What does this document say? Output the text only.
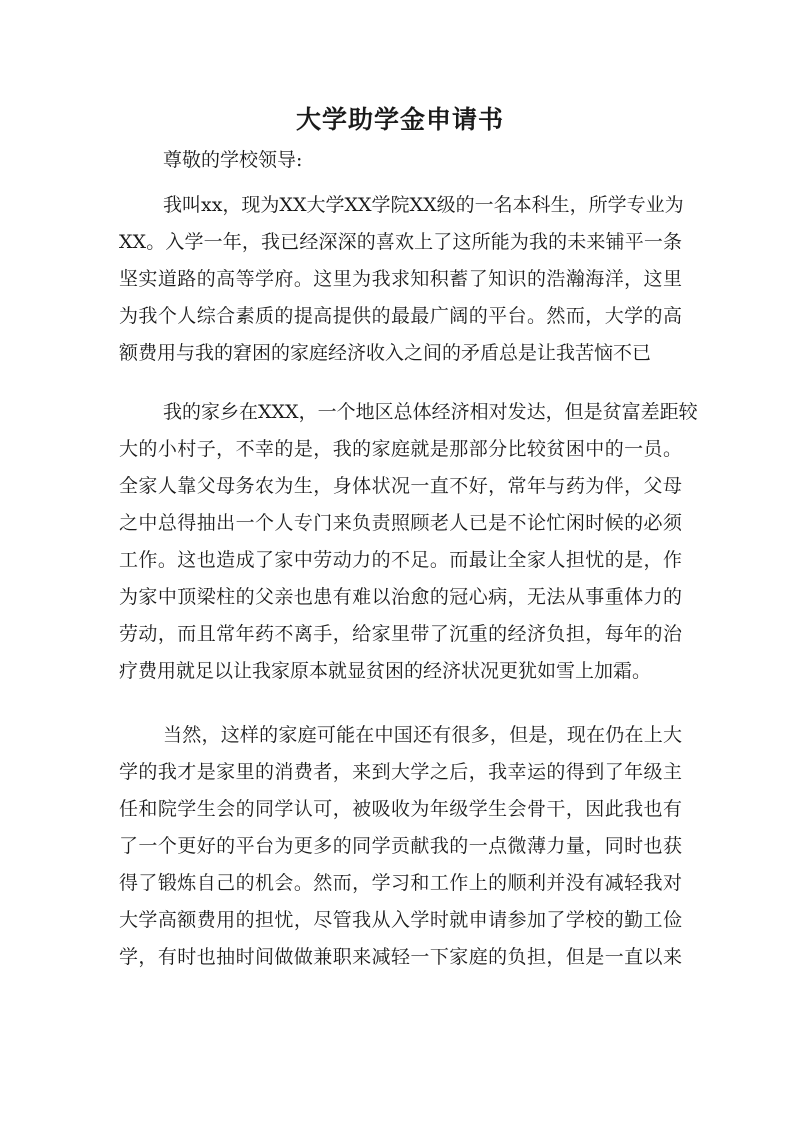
大学助学金申请书
尊敬的学校领导:
我叫xx，现为XX大学XX学院XX级的一名本科生，所学专业为
XX。入学一年，我已经深深的喜欢上了这所能为我的未来铺平一条
坚实道路的高等学府。这里为我求知积蓄了知识的浩瀚海洋，这里
为我个人综合素质的提高提供的最最广阔的平台。然而，大学的高
额费用与我的窘困的家庭经济收入之间的矛盾总是让我苦恼不已
我的家乡在XXX，一个地区总体经济相对发达，但是贫富差距较
大的小村子，不幸的是，我的家庭就是那部分比较贫困中的一员。
全家人靠父母务农为生，身体状况一直不好，常年与药为伴，父母
之中总得抽出一个人专门来负责照顾老人已是不论忙闲时候的必须
工作。这也造成了家中劳动力的不足。而最让全家人担忧的是，作
为家中顶梁柱的父亲也患有难以治愈的冠心病，无法从事重体力的
劳动，而且常年药不离手，给家里带了沉重的经济负担，每年的治
疗费用就足以让我家原本就显贫困的经济状况更犹如雪上加霜。
当然，这样的家庭可能在中国还有很多，但是，现在仍在上大
学的我才是家里的消费者，来到大学之后，我幸运的得到了年级主
任和院学生会的同学认可，被吸收为年级学生会骨干，因此我也有
了一个更好的平台为更多的同学贡献我的一点微薄力量，同时也获
得了锻炼自己的机会。然而，学习和工作上的顺利并没有减轻我对
大学高额费用的担忧，尽管我从入学时就申请参加了学校的勤工俭
学，有时也抽时间做做兼职来减轻一下家庭的负担，但是一直以来
